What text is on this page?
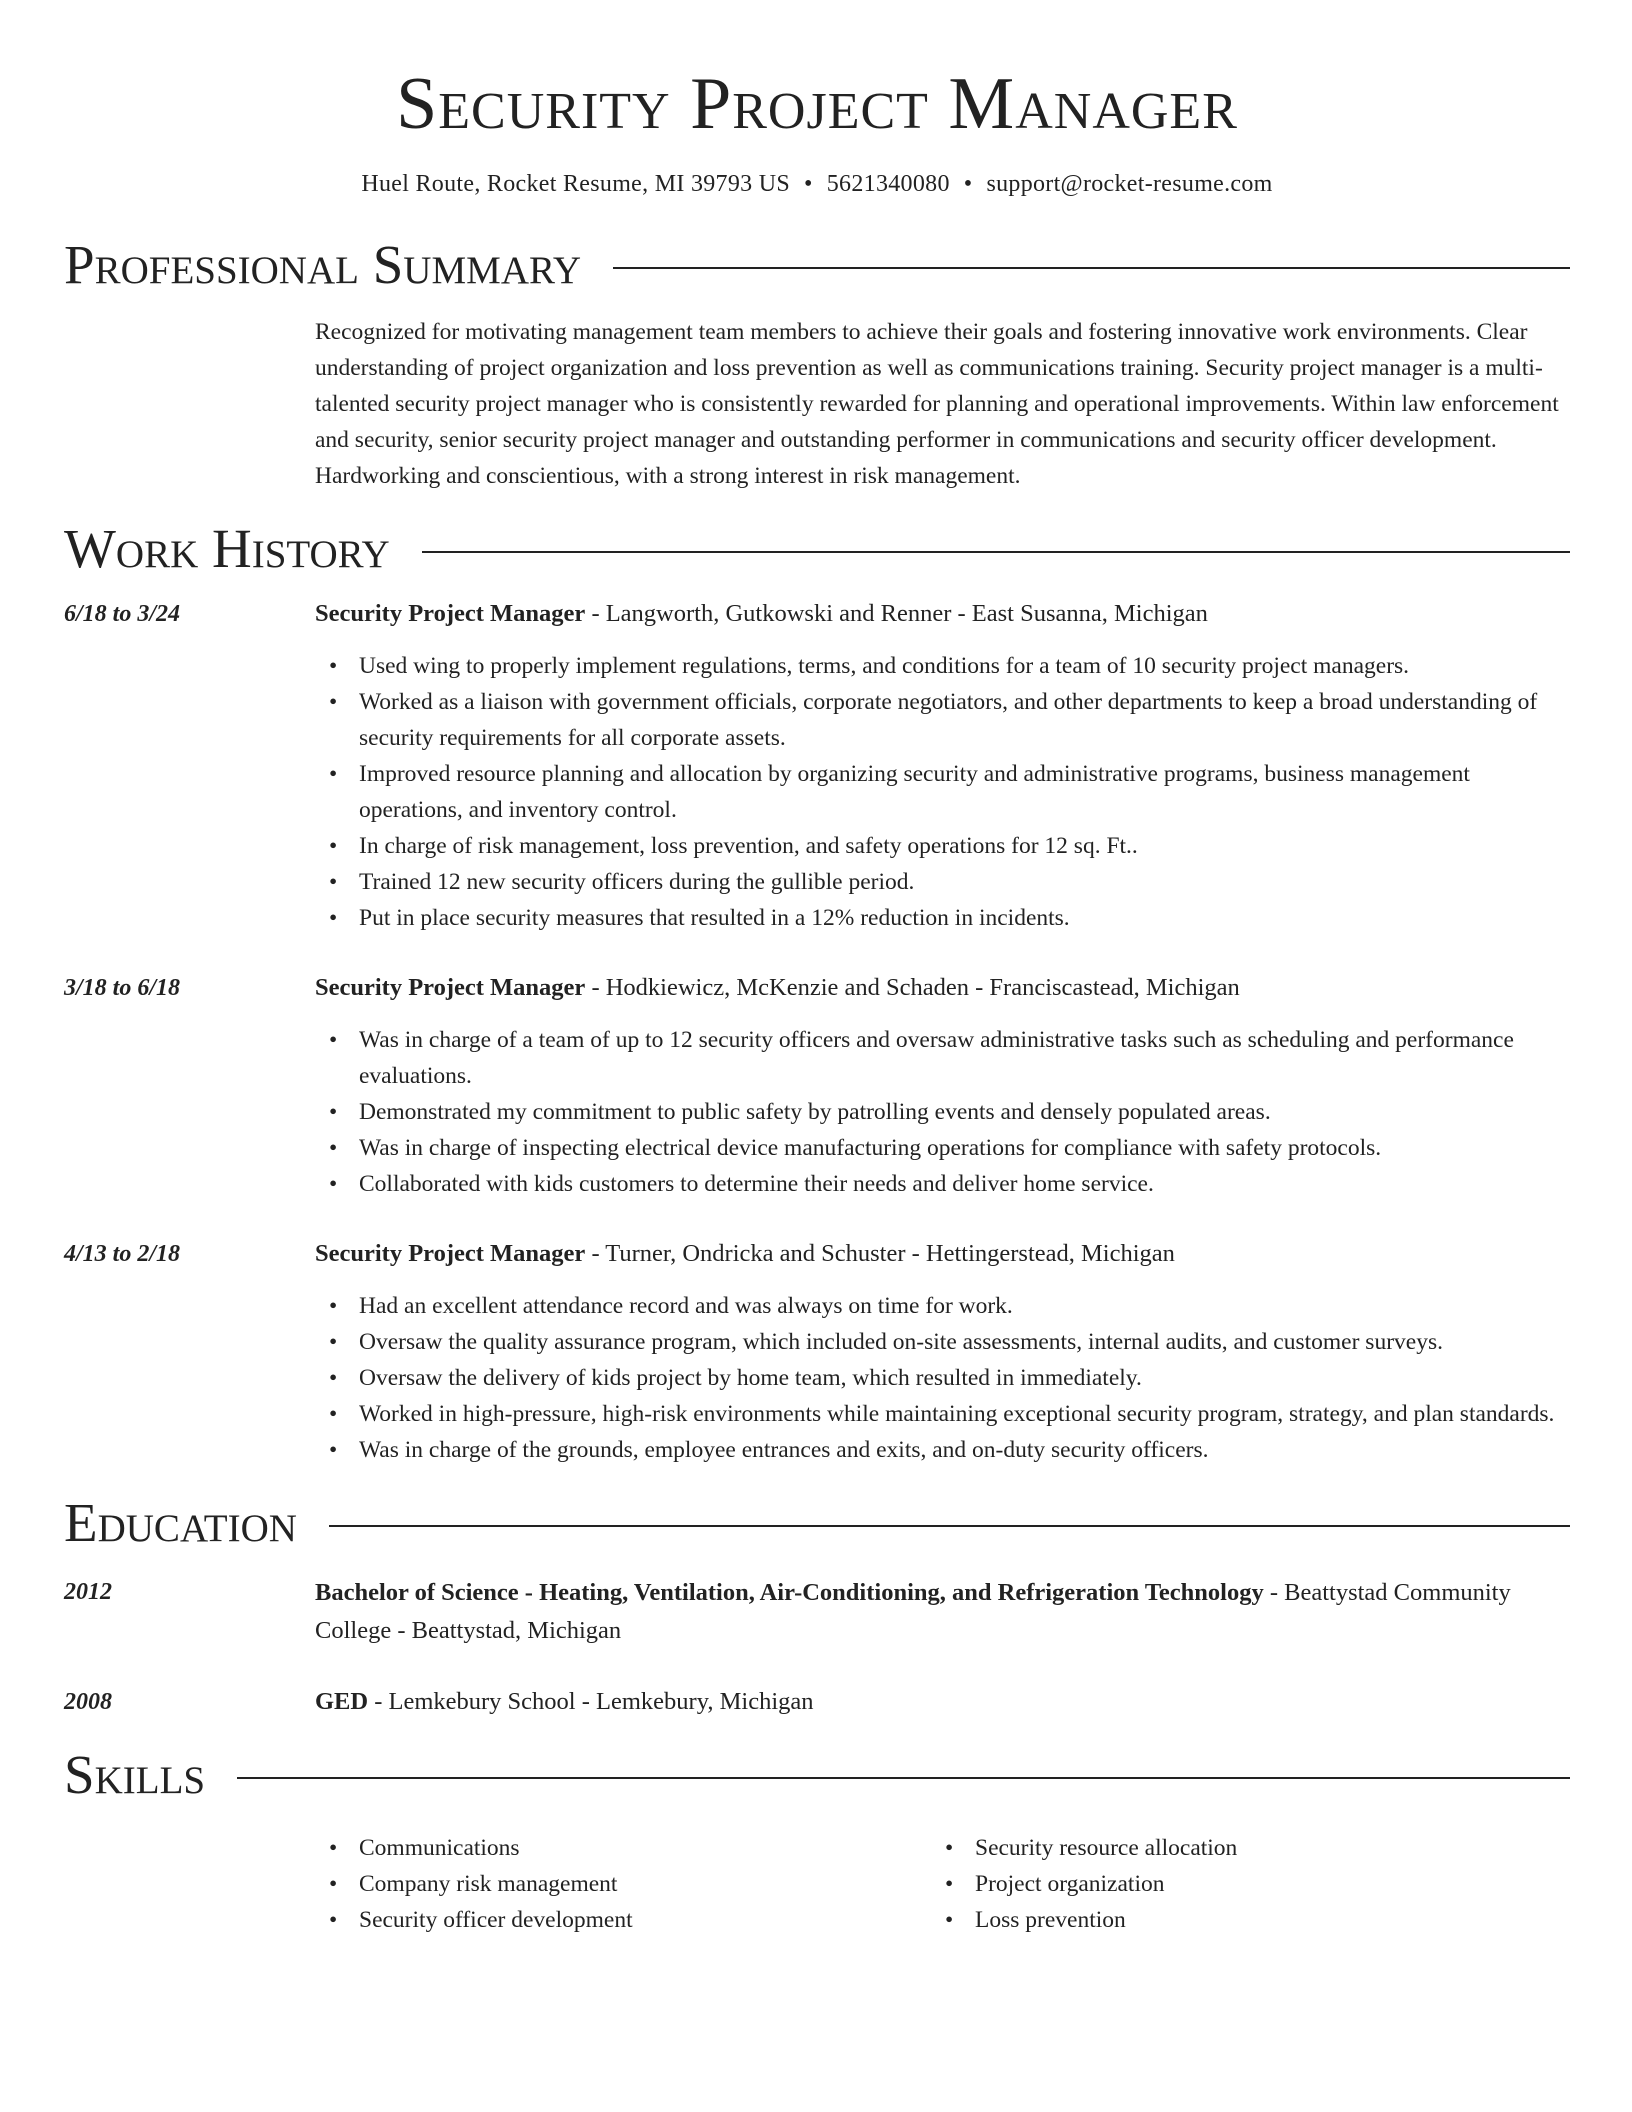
Security Project Manager
Huel Route, Rocket Resume, MI 39793 US • 5621340080 • support@rocket-resume.com
Professional Summary
Recognized for motivating management team members to achieve their goals and fostering innovative work environments. Clear understanding of project organization and loss prevention as well as communications training. Security project manager is a multi-talented security project manager who is consistently rewarded for planning and operational improvements. Within law enforcement and security, senior security project manager and outstanding performer in communications and security officer development. Hardworking and conscientious, with a strong interest in risk management.
Work History
6/18 to 3/24	Security Project Manager - Langworth, Gutkowski and Renner - East Susanna, Michigan
• Used wing to properly implement regulations, terms, and conditions for a team of 10 security project managers.
• Worked as a liaison with government officials, corporate negotiators, and other departments to keep a broad understanding of security requirements for all corporate assets.
• Improved resource planning and allocation by organizing security and administrative programs, business management operations, and inventory control.
• In charge of risk management, loss prevention, and safety operations for 12 sq. Ft..
• Trained 12 new security officers during the gullible period.
• Put in place security measures that resulted in a 12% reduction in incidents.
3/18 to 6/18	Security Project Manager - Hodkiewicz, McKenzie and Schaden - Franciscastead, Michigan
• Was in charge of a team of up to 12 security officers and oversaw administrative tasks such as scheduling and performance evaluations.
• Demonstrated my commitment to public safety by patrolling events and densely populated areas.
• Was in charge of inspecting electrical device manufacturing operations for compliance with safety protocols.
• Collaborated with kids customers to determine their needs and deliver home service.
4/13 to 2/18	Security Project Manager - Turner, Ondricka and Schuster - Hettingerstead, Michigan
• Had an excellent attendance record and was always on time for work.
• Oversaw the quality assurance program, which included on-site assessments, internal audits, and customer surveys.
• Oversaw the delivery of kids project by home team, which resulted in immediately.
• Worked in high-pressure, high-risk environments while maintaining exceptional security program, strategy, and plan standards.
• Was in charge of the grounds, employee entrances and exits, and on-duty security officers.
Education
2012	Bachelor of Science - Heating, Ventilation, Air-Conditioning, and Refrigeration Technology - Beattystad Community College - Beattystad, Michigan
2008	GED - Lemkebury School - Lemkebury, Michigan
Skills
• Communications
• Company risk management
• Security officer development
• Security resource allocation
• Project organization
• Loss prevention
